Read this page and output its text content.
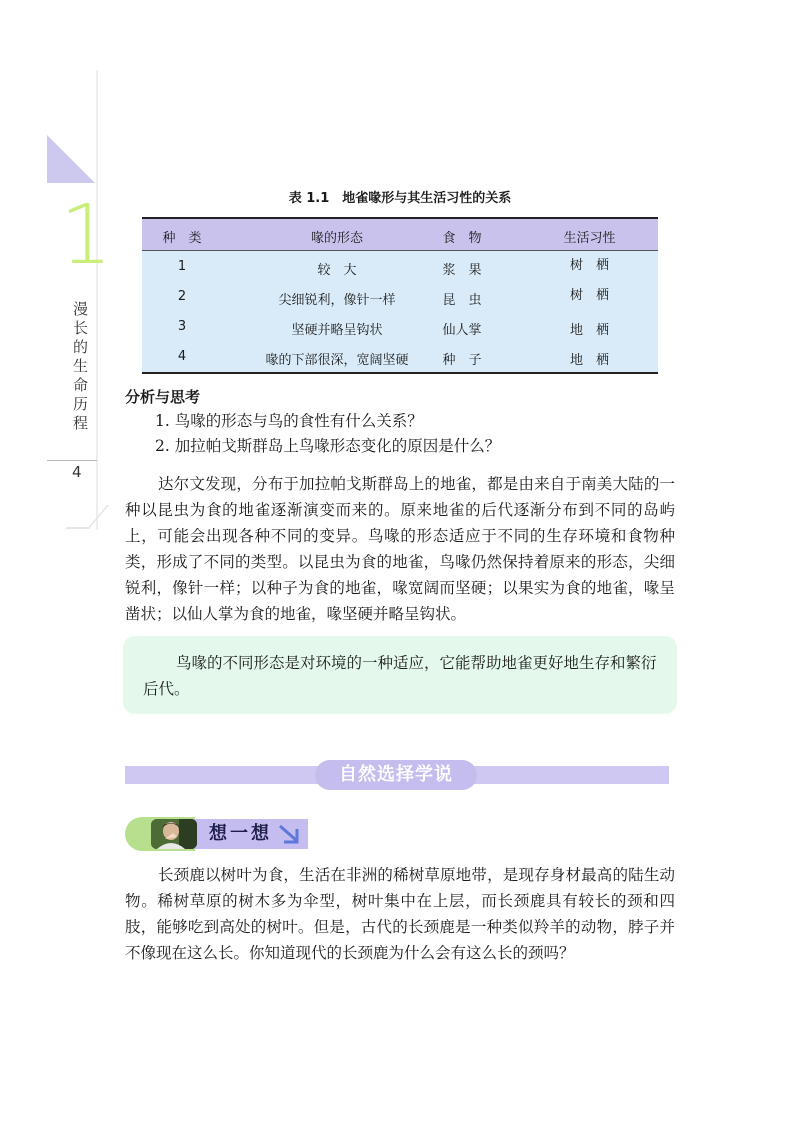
1
漫长的生命历程
4
表 1.1　地雀喙形与其生活习性的关系
种　类	喙的形态	食　物	生活习性
1	较　大	浆　果	树　栖
2	尖细锐利，像针一样	昆　虫	树　栖
3	坚硬并略呈钩状	仙人掌	地　栖
4	喙的下部很深，宽阔坚硬	种　子	地　栖
分析与思考
1. 鸟喙的形态与鸟的食性有什么关系？
2. 加拉帕戈斯群岛上鸟喙形态变化的原因是什么？
达尔文发现，分布于加拉帕戈斯群岛上的地雀，都是由来自于南美大陆的一种以昆虫为食的地雀逐渐演变而来的。原来地雀的后代逐渐分布到不同的岛屿上，可能会出现各种不同的变异。鸟喙的形态适应于不同的生存环境和食物种类，形成了不同的类型。以昆虫为食的地雀，鸟喙仍然保持着原来的形态，尖细锐利，像针一样；以种子为食的地雀，喙宽阔而坚硬；以果实为食的地雀，喙呈凿状；以仙人掌为食的地雀，喙坚硬并略呈钩状。
鸟喙的不同形态是对环境的一种适应，它能帮助地雀更好地生存和繁衍后代。
自然选择学说
想一想
长颈鹿以树叶为食，生活在非洲的稀树草原地带，是现存身材最高的陆生动物。稀树草原的树木多为伞型，树叶集中在上层，而长颈鹿具有较长的颈和四肢，能够吃到高处的树叶。但是，古代的长颈鹿是一种类似羚羊的动物，脖子并不像现在这么长。你知道现代的长颈鹿为什么会有这么长的颈吗？
